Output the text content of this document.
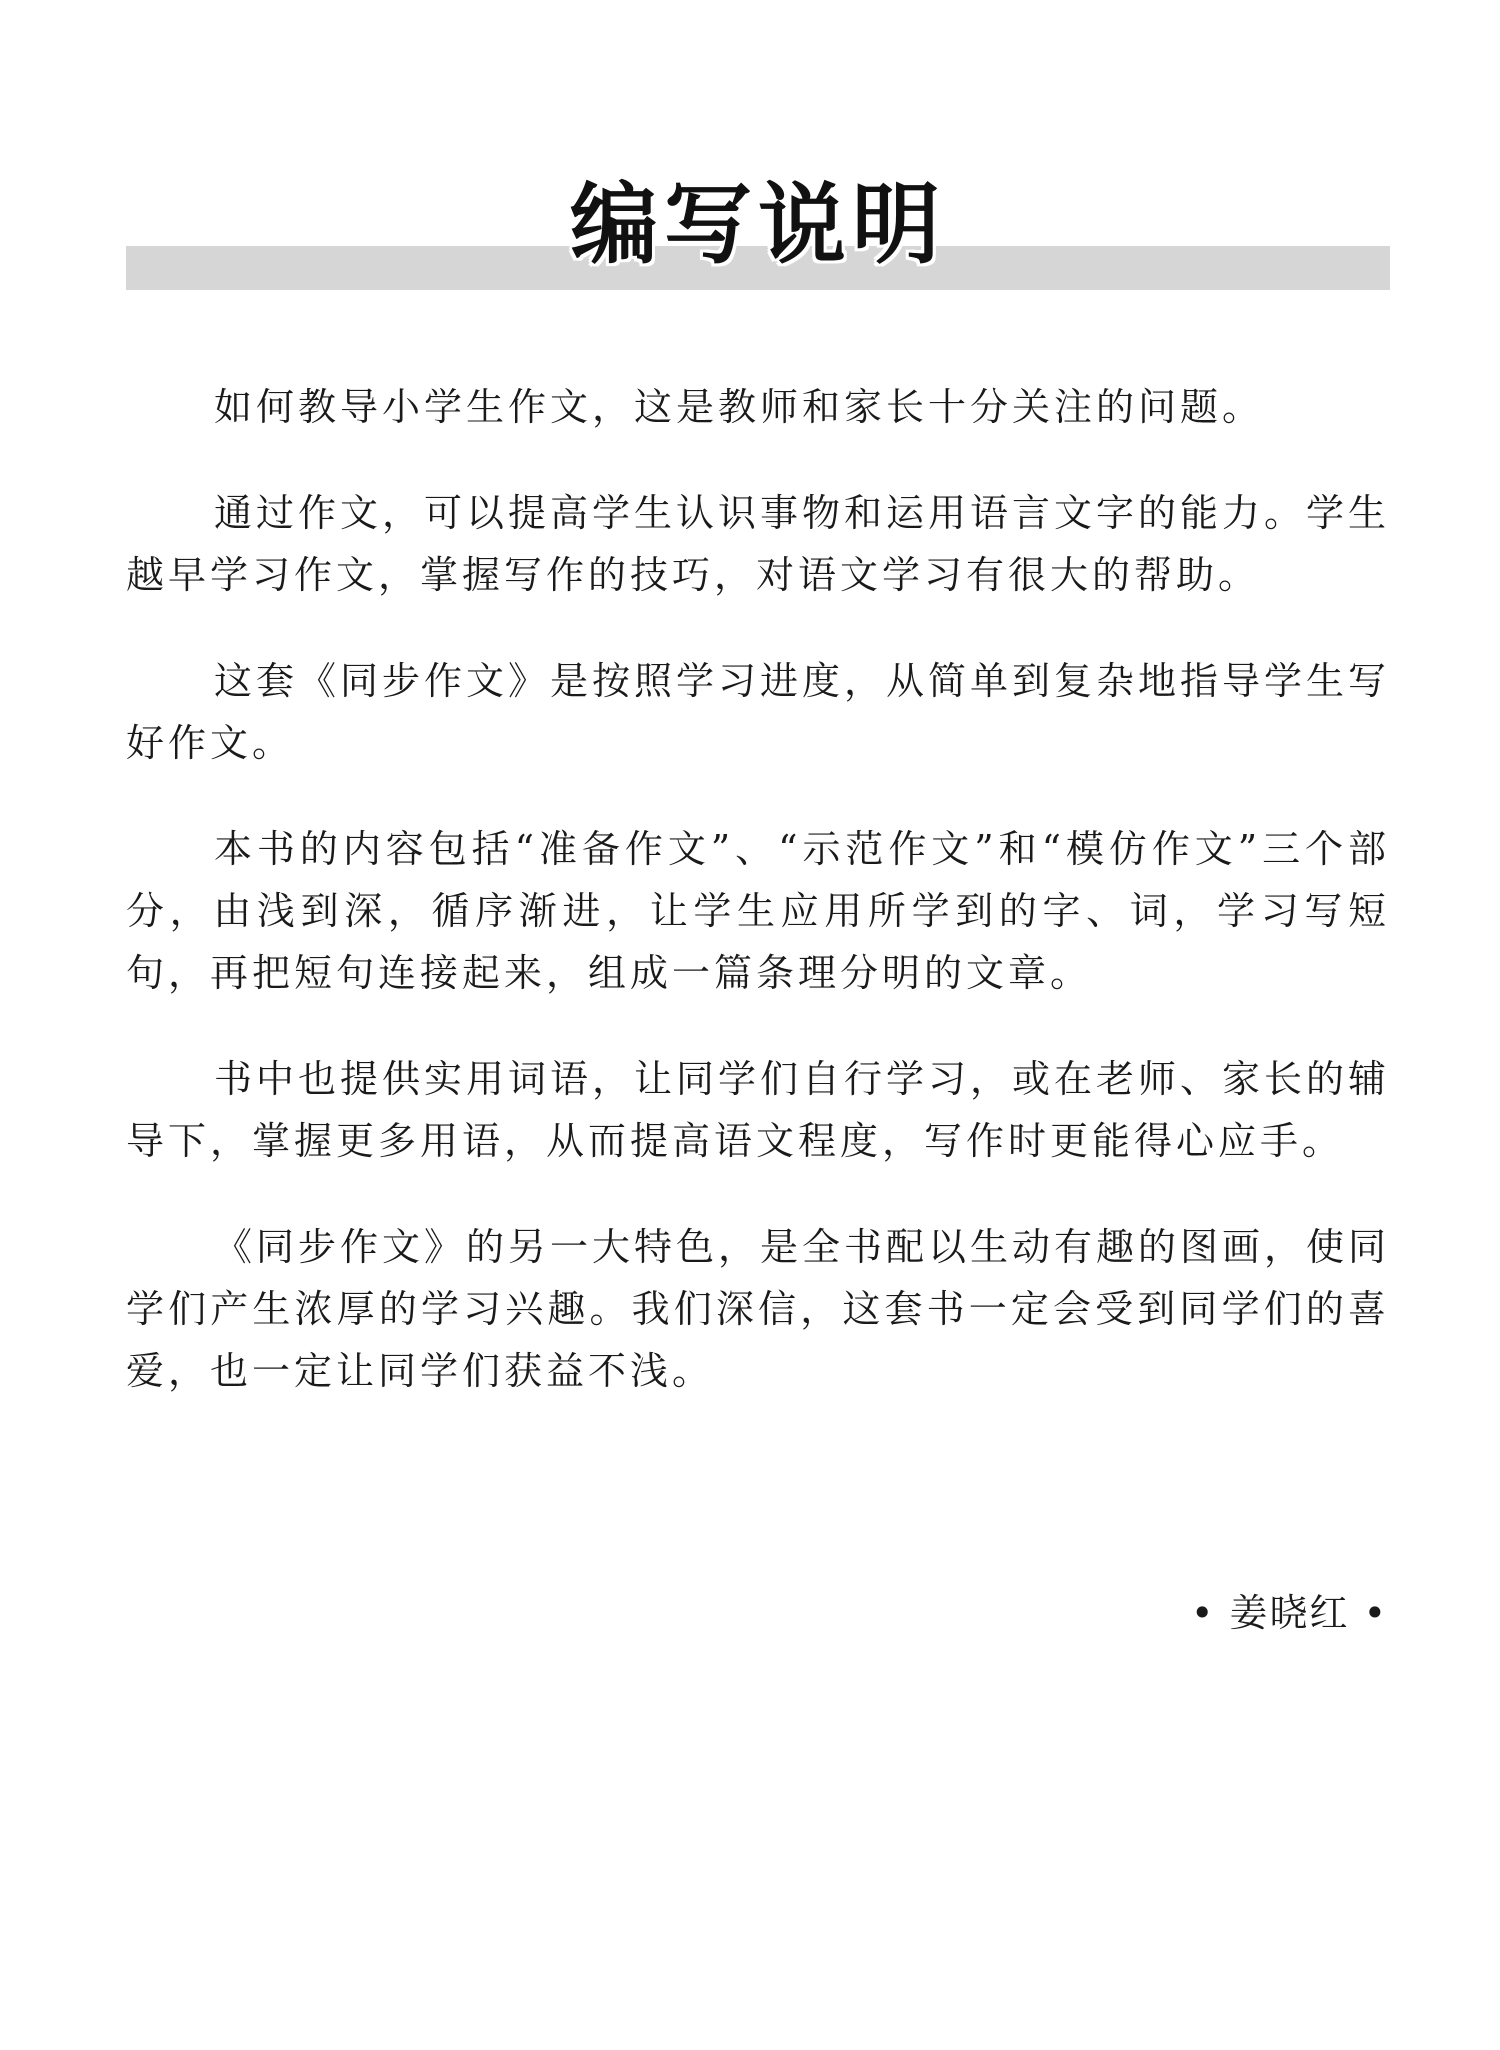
编写说明

如何教导小学生作文，这是教师和家长十分关注的问题。

通过作文，可以提高学生认识事物和运用语言文字的能力。学生越早学习作文，掌握写作的技巧，对语文学习有很大的帮助。

这套《同步作文》是按照学习进度，从简单到复杂地指导学生写好作文。

本书的内容包括“准备作文”、“示范作文”和“模仿作文”三个部分，由浅到深，循序渐进，让学生应用所学到的字、词，学习写短句，再把短句连接起来，组成一篇条理分明的文章。

书中也提供实用词语，让同学们自行学习，或在老师、家长的辅导下，掌握更多用语，从而提高语文程度，写作时更能得心应手。

《同步作文》的另一大特色，是全书配以生动有趣的图画，使同学们产生浓厚的学习兴趣。我们深信，这套书一定会受到同学们的喜爱，也一定让同学们获益不浅。

• 姜晓红 •
